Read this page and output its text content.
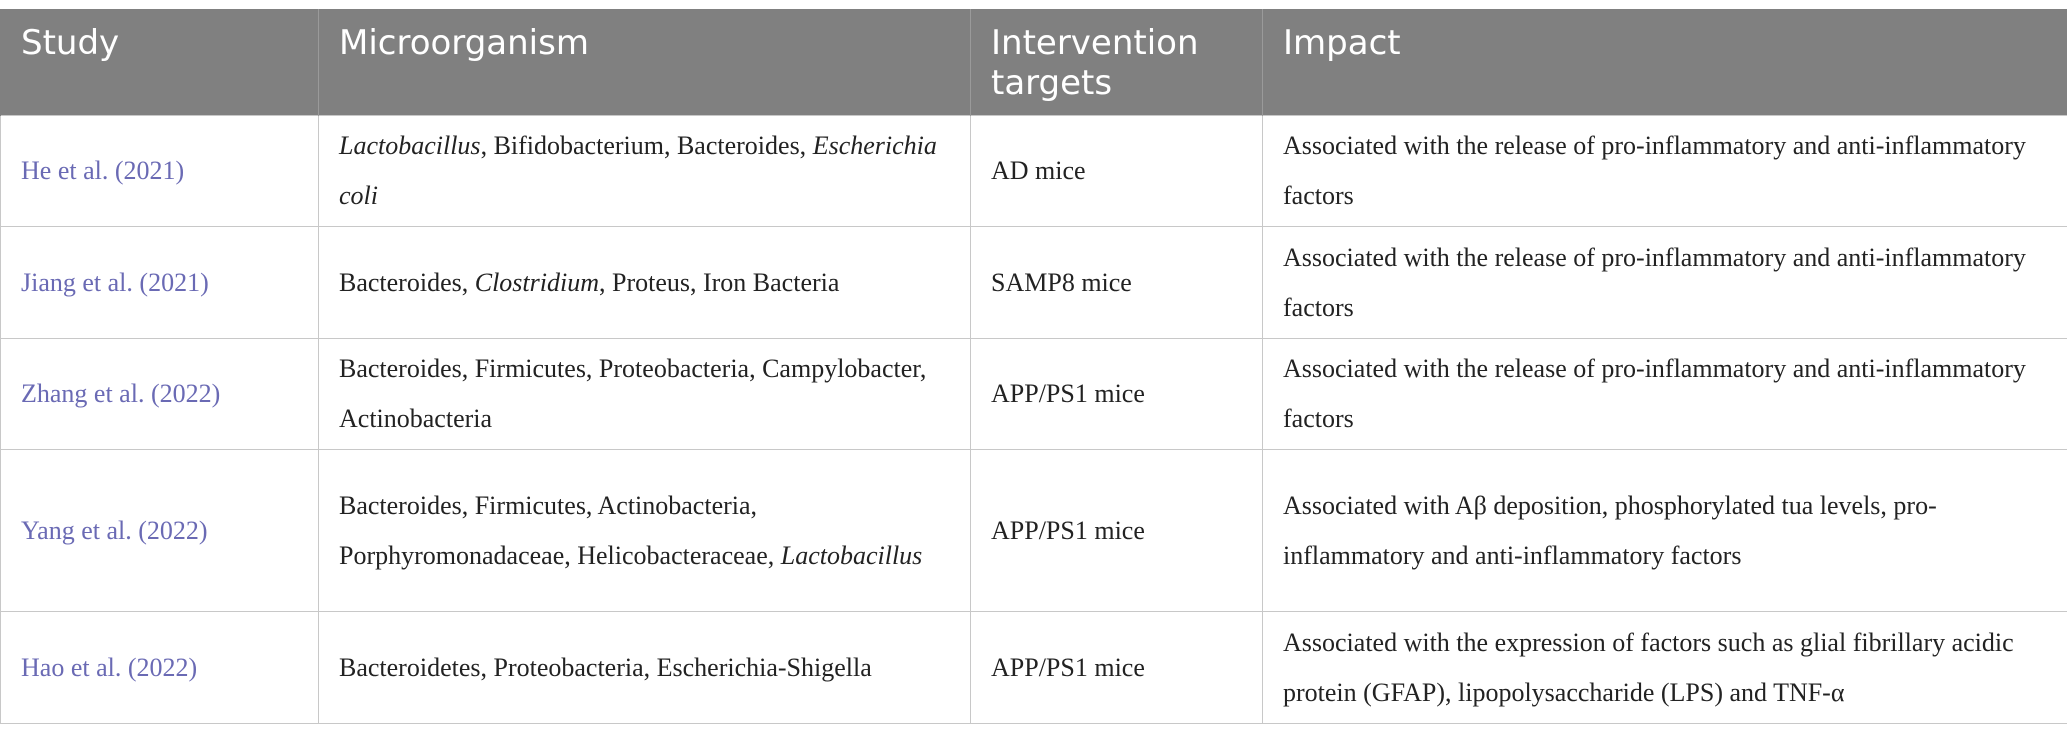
Study	Microorganism	Intervention targets	Impact
He et al. (2021)	Lactobacillus, Bifidobacterium, Bacteroides, Escherichia coli	AD mice	Associated with the release of pro-inflammatory and anti-inflammatory factors
Jiang et al. (2021)	Bacteroides, Clostridium, Proteus, Iron Bacteria	SAMP8 mice	Associated with the release of pro-inflammatory and anti-inflammatory factors
Zhang et al. (2022)	Bacteroides, Firmicutes, Proteobacteria, Campylobacter, Actinobacteria	APP/PS1 mice	Associated with the release of pro-inflammatory and anti-inflammatory factors
Yang et al. (2022)	Bacteroides, Firmicutes, Actinobacteria, Porphyromonadaceae, Helicobacteraceae, Lactobacillus	APP/PS1 mice	Associated with Aβ deposition, phosphorylated tua levels, pro-inflammatory and anti-inflammatory factors
Hao et al. (2022)	Bacteroidetes, Proteobacteria, Escherichia-Shigella	APP/PS1 mice	Associated with the expression of factors such as glial fibrillary acidic protein (GFAP), lipopolysaccharide (LPS) and TNF-α
